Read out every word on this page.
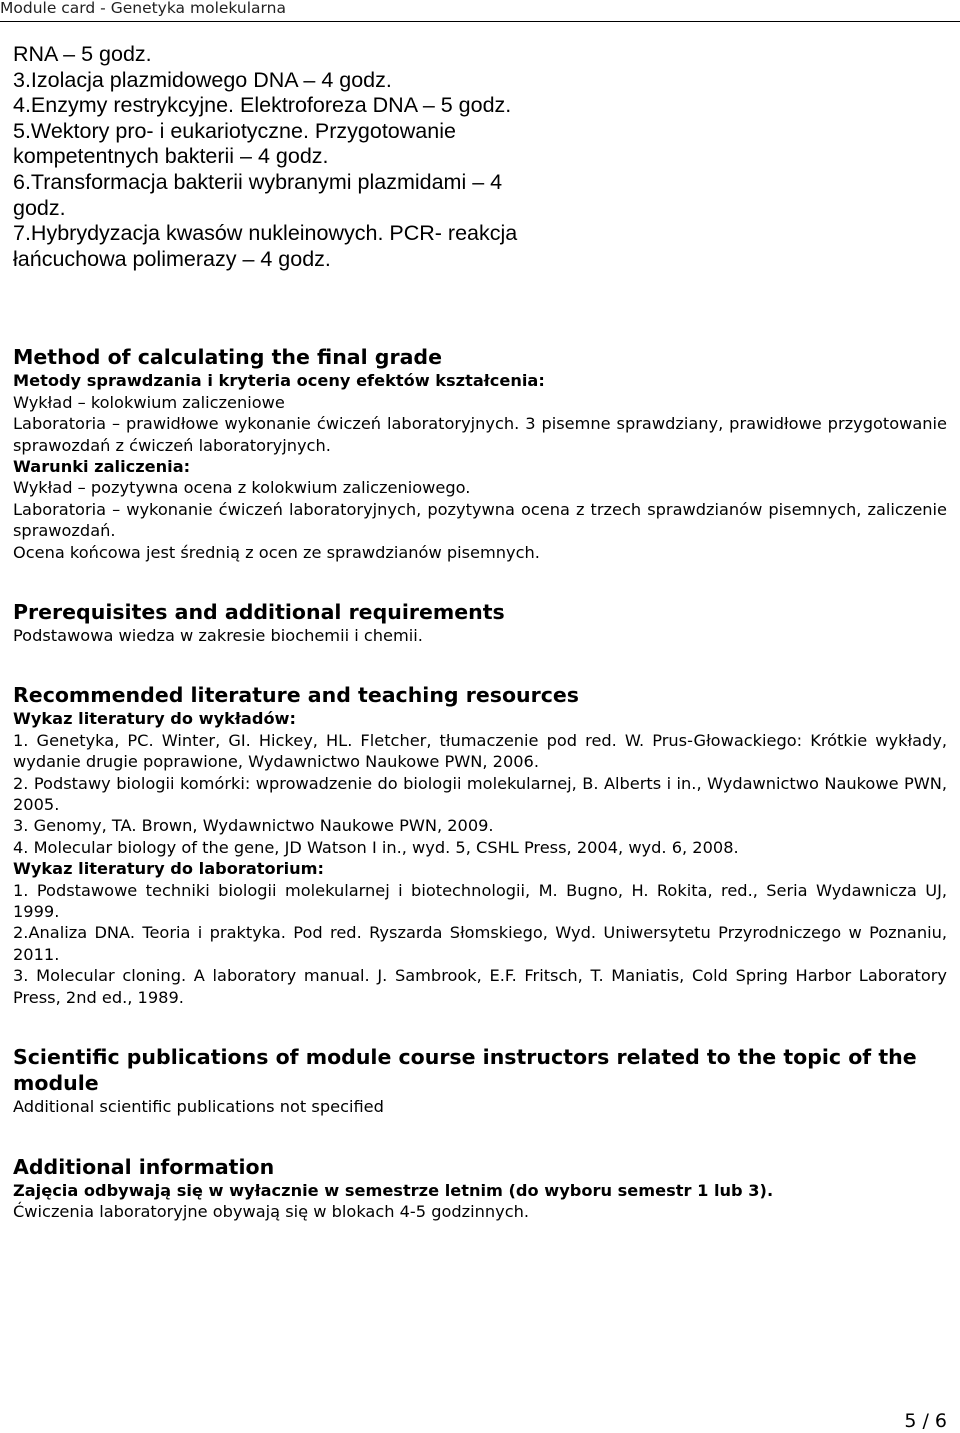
Module card - Genetyka molekularna
RNA – 5 godz.
3.Izolacja plazmidowego DNA – 4 godz.
4.Enzymy restrykcyjne. Elektroforeza DNA – 5 godz.
5.Wektory pro- i eukariotyczne. Przygotowanie
kompetentnych bakterii – 4 godz.
6.Transformacja bakterii wybranymi plazmidami – 4
godz.
7.Hybrydyzacja kwasów nukleinowych. PCR- reakcja
łańcuchowa polimerazy – 4 godz.
Method of calculating the final grade

Metody sprawdzania i kryteria oceny efektów kształcenia:

Wykład – kolokwium zaliczeniowe

Laboratoria – prawidłowe wykonanie ćwiczeń laboratoryjnych. 3 pisemne sprawdziany, prawidłowe przygotowanie sprawozdań z ćwiczeń laboratoryjnych.

Warunki zaliczenia:

Wykład – pozytywna ocena z kolokwium zaliczeniowego.

Laboratoria – wykonanie ćwiczeń laboratoryjnych, pozytywna ocena z trzech sprawdzianów pisemnych, zaliczenie sprawozdań.

Ocena końcowa jest średnią z ocen ze sprawdzianów pisemnych.

Prerequisites and additional requirements

Podstawowa wiedza w zakresie biochemii i chemii.

Recommended literature and teaching resources

Wykaz literatury do wykładów:

1. Genetyka, PC. Winter, GI. Hickey, HL. Fletcher, tłumaczenie pod red. W. Prus-Głowackiego: Krótkie wykłady, wydanie drugie poprawione, Wydawnictwo Naukowe PWN, 2006.

2. Podstawy biologii komórki: wprowadzenie do biologii molekularnej, B. Alberts i in., Wydawnictwo Naukowe PWN, 2005.

3. Genomy, TA. Brown, Wydawnictwo Naukowe PWN, 2009.

4. Molecular biology of the gene, JD Watson I in., wyd. 5, CSHL Press, 2004, wyd. 6, 2008.

Wykaz literatury do laboratorium:

1. Podstawowe techniki biologii molekularnej i biotechnologii, M. Bugno, H. Rokita, red., Seria Wydawnicza UJ, 1999.

2.Analiza DNA. Teoria i praktyka. Pod red. Ryszarda Słomskiego, Wyd. Uniwersytetu Przyrodniczego w Poznaniu, 2011.

3. Molecular cloning. A laboratory manual. J. Sambrook, E.F. Fritsch, T. Maniatis, Cold Spring Harbor Laboratory Press, 2nd ed., 1989.

Scientific publications of module course instructors related to the topic of the module

Additional scientific publications not specified

Additional information

Zajęcia odbywają się w wyłacznie w semestrze letnim (do wyboru semestr 1 lub 3).

Ćwiczenia laboratoryjne obywają się w blokach 4-5 godzinnych.

5 / 6
